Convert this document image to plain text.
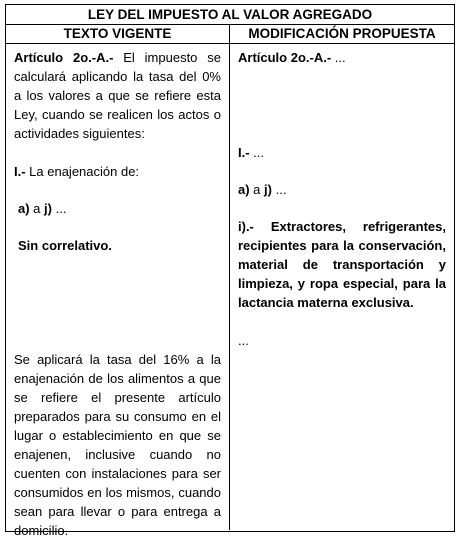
LEY DEL IMPUESTO AL VALOR AGREGADO
TEXTO VIGENTE	MODIFICACIÓN PROPUESTA

Artículo 2o.-A.- El impuesto se calculará aplicando la tasa del 0% a los valores a que se refiere esta Ley, cuando se realicen los actos o actividades siguientes:

I.- La enajenación de:

a) a j) ...

Sin correlativo.

Se aplicará la tasa del 16% a la enajenación de los alimentos a que se refiere el presente artículo preparados para su consumo en el lugar o establecimiento en que se enajenen, inclusive cuando no cuenten con instalaciones para ser consumidos en los mismos, cuando sean para llevar o para entrega a domicilio.

Artículo 2o.-A.- ...

I.- ...

a) a j) ...

i).- Extractores, refrigerantes, recipientes para la conservación, material de transportación y limpieza, y ropa especial, para la lactancia materna exclusiva.

...
